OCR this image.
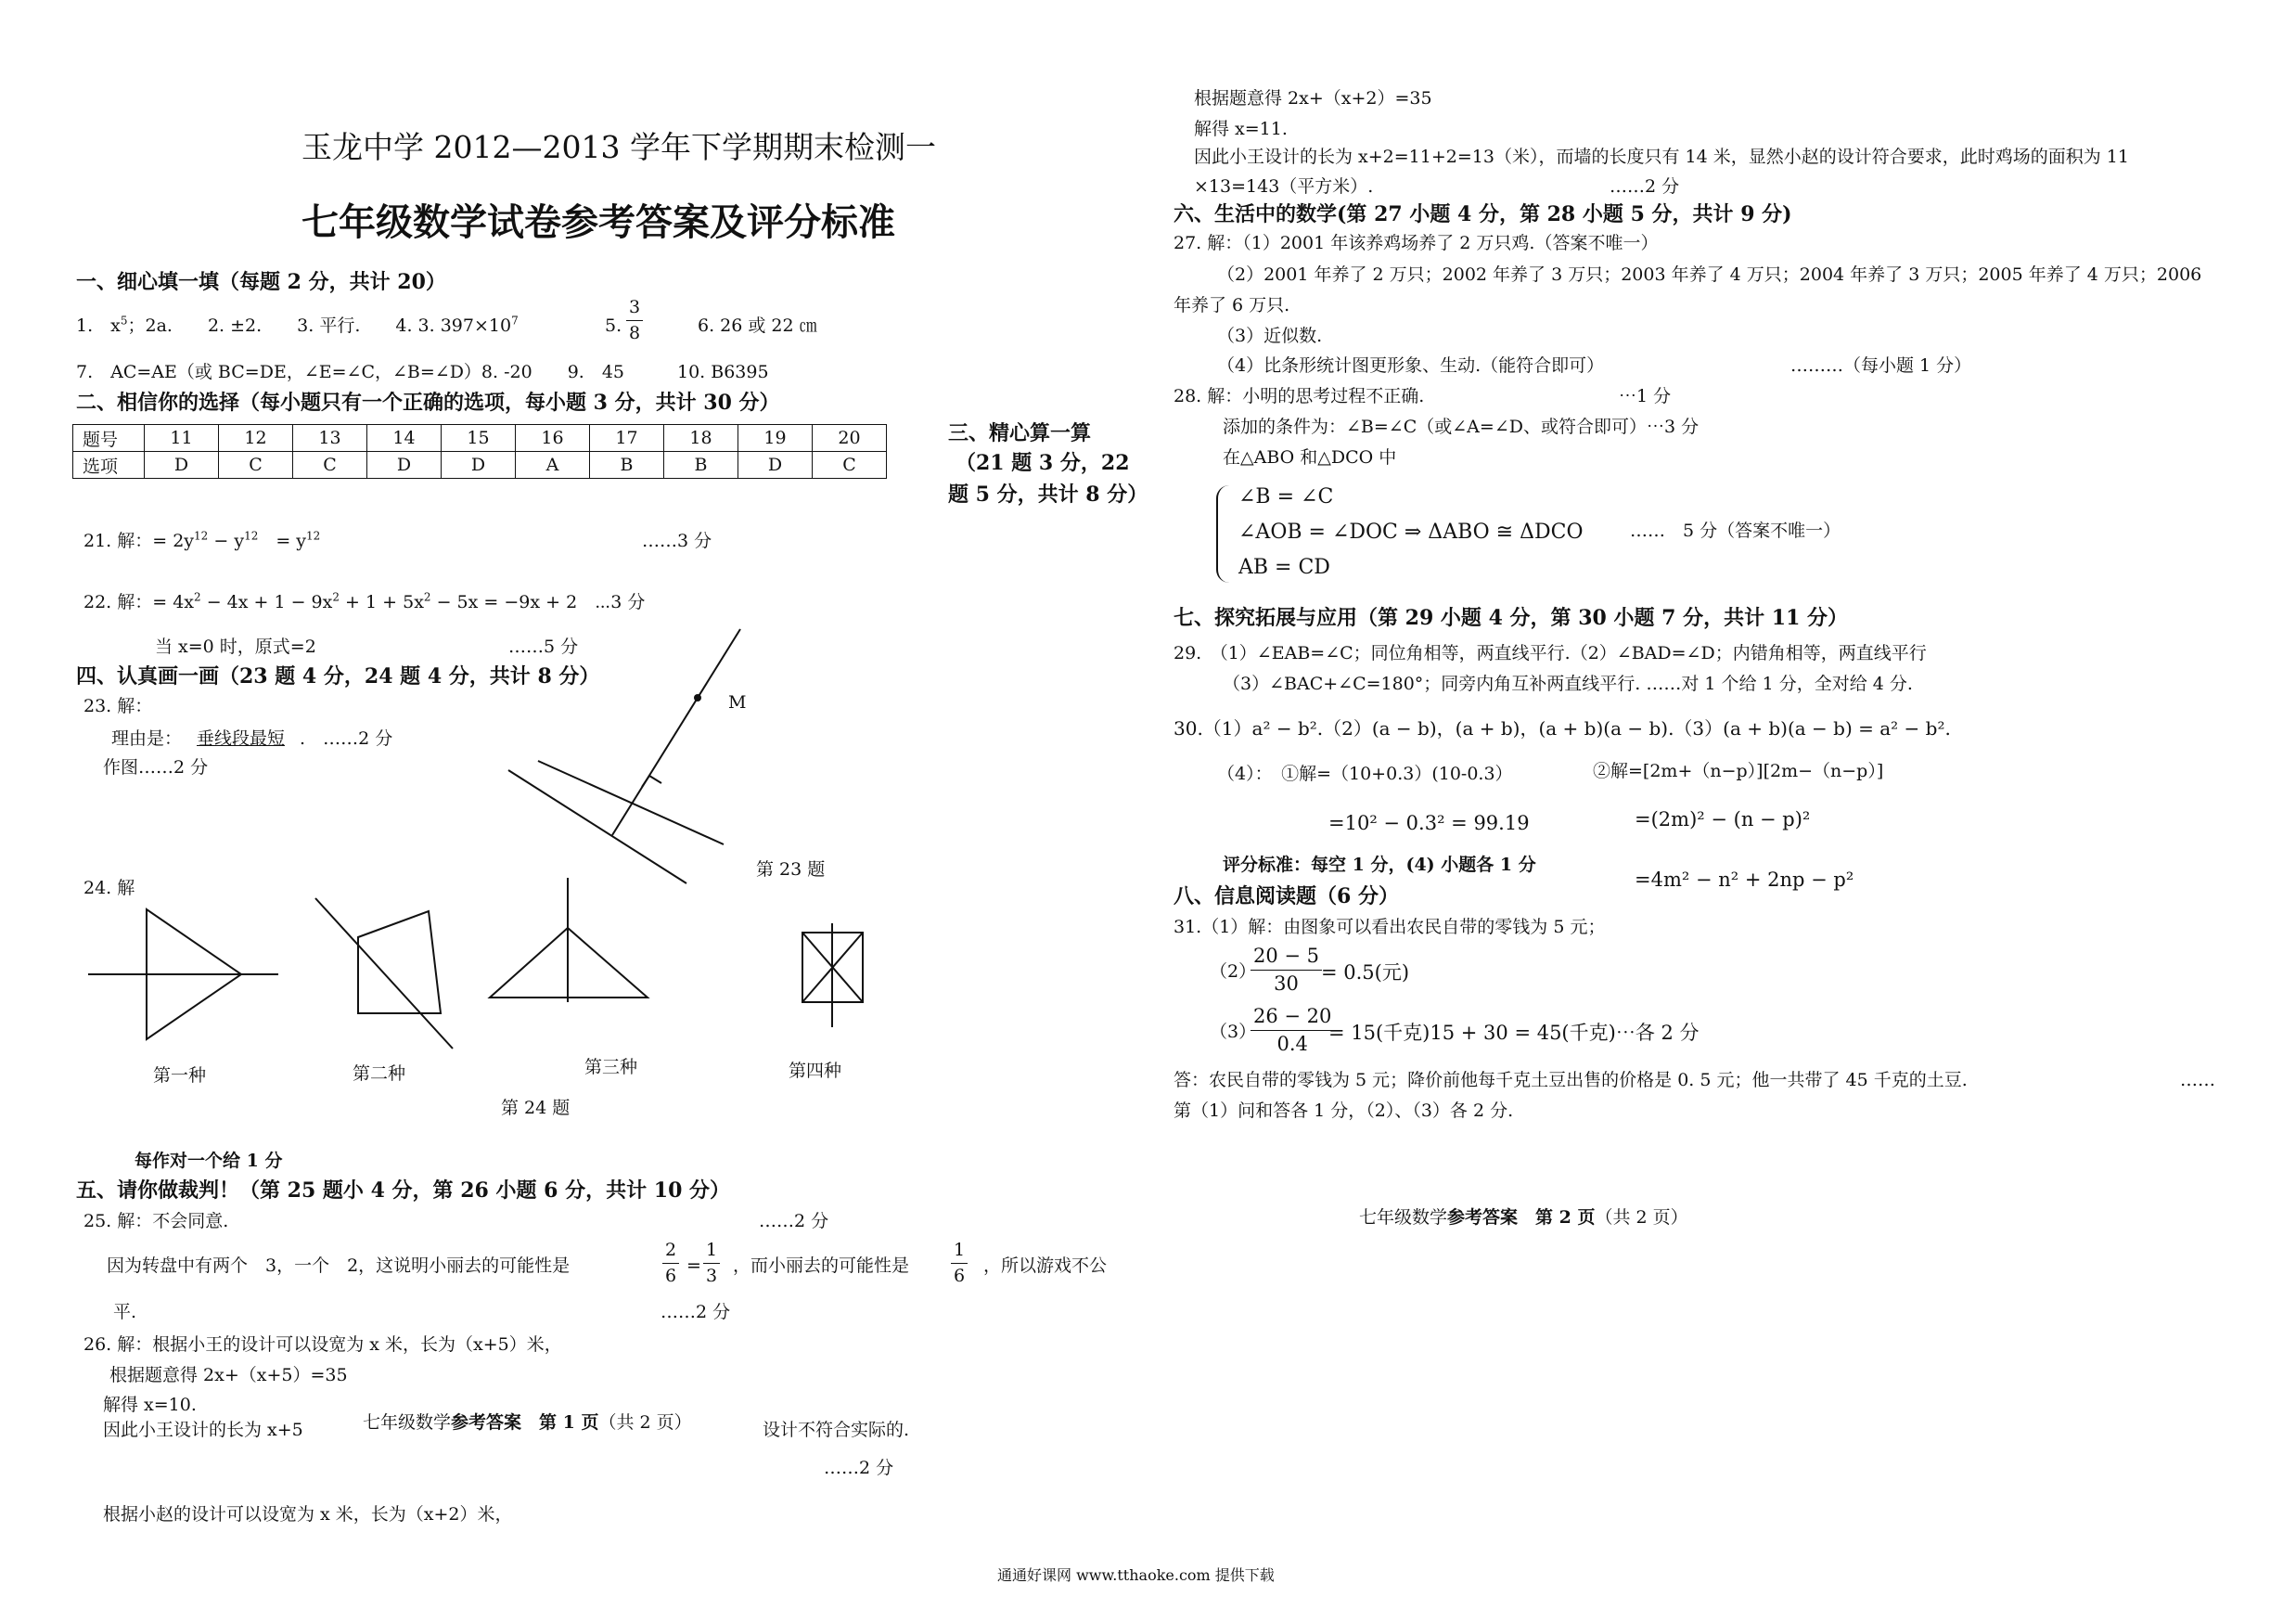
玉龙中学 2012—2013 学年下学期期末检测一
七年级数学试卷参考答案及评分标准
一、细心填一填（每题 2 分，共计 20）
1.　$x^5$；2a.　　2. ±2.　　3. 平行.　　4. 3. $397\times 10^7$	5. $\frac{3}{8}$	6. 26 或 22 ㎝
7.　AC=AE（或 BC=DE，∠E=∠C，∠B=∠D）8. -20　　9.　45　　　10. B6395
二、相信你的选择（每小题只有一个正确的选项，每小题 3 分，共计 30 分）
题号	11	12	13	14	15	16	17	18	19	20
选项	D	C	C	D	D	A	B	B	D	C
三、精心算一算
（21 题 3 分，22
题 5 分，共计 8 分）
21. 解：= $2y^{12} - y^{12}$　= $y^{12}$	……3 分
22. 解：= $4x^2 - 4x + 1 - 9x^2 + 1 + 5x^2 - 5x = -9x + 2$　⋯3 分
当 x=0 时，原式=2	……5 分
四、认真画一画（23 题 4 分，24 题 4 分，共计 8 分）
23. 解：
理由是： 垂线段最短 .　……2 分
作图……2 分
M
第 23 题
24. 解
第一种	第二种	第三种	第四种
第 24 题
每作对一个给 1 分
五、请你做裁判！（第 25 题小 4 分，第 26 小题 6 分，共计 10 分）
25. 解：不会同意.	……2 分
因为转盘中有两个　3，一个　2，这说明小丽去的可能性是	$\frac{2}{6} = \frac{1}{3}$ ，而小丽去的可能性是 $\frac{1}{6}$ ，所以游戏不公
平.	……2 分
26. 解：根据小王的设计可以设宽为 x 米，长为（x+5）米，
根据题意得 2x+（x+5）=35
解得 x=10.
因此小王设计的长为 x+5	设计不符合实际的.
七年级数学参考答案　第 1 页（共 2 页）
……2 分
根据小赵的设计可以设宽为 x 米，长为（x+2）米，
根据题意得 2x+（x+2）=35
解得 x=11.
因此小王设计的长为 x+2=11+2=13（米），而墙的长度只有 14 米，显然小赵的设计符合要求，此时鸡场的面积为 11
×13=143（平方米）.	……2 分
六、生活中的数学(第 27 小题 4 分，第 28 小题 5 分，共计 9 分)
27. 解：（1）2001 年该养鸡场养了 2 万只鸡.（答案不唯一）
（2）2001 年养了 2 万只；2002 年养了 3 万只；2003 年养了 4 万只；2004 年养了 3 万只；2005 年养了 4 万只；2006
年养了 6 万只.
（3）近似数.
（4）比条形统计图更形象、生动.（能符合即可）	………（每小题 1 分）
28. 解：小明的思考过程不正确.	⋯1 分
添加的条件为：∠B=∠C（或∠A=∠D、或符合即可）⋯3 分
在△ABO 和△DCO 中
∠B = ∠C
∠AOB = ∠DOC ⇒ ΔABO ≅ ΔDCO	……　5 分（答案不唯一）
AB = CD
七、探究拓展与应用（第 29 小题 4 分，第 30 小题 7 分，共计 11 分）
29.　（1）∠EAB=∠C；同位角相等，两直线平行.（2）∠BAD=∠D；内错角相等，两直线平行
（3）∠BAC+∠C=180°；同旁内角互补两直线平行. ……对 1 个给 1 分，全对给 4 分.
30.（1）a² − b².（2）(a − b)，(a + b)，(a + b)(a − b).（3）(a + b)(a − b) = a² − b².
（4）：　①解=（10+0.3）(10-0.3）	②解=[2m+（n−p）][2m−（n−p）]
=10² − 0.3² = 99.19	=(2m)² − (n − p)²
评分标准：每空 1 分，(4) 小题各 1 分
=4m² − n² + 2np − p²
八、信息阅读题（6 分）
31.（1）解：由图象可以看出农民自带的零钱为 5 元；
（2）
$\frac{20 - 5}{30}$
= 0.5(元)
（3）
$\frac{26 - 20}{0.4}$
= 15(千克)15 + 30 = 45(千克)⋯各 2 分
答：农民自带的零钱为 5 元；降价前他每千克土豆出售的价格是 0. 5 元；他一共带了 45 千克的土豆.	……
第（1）问和答各 1 分，（2）、（3）各 2 分.
七年级数学参考答案　第 2 页（共 2 页）
通通好课网 www.tthaoke.com 提供下载
